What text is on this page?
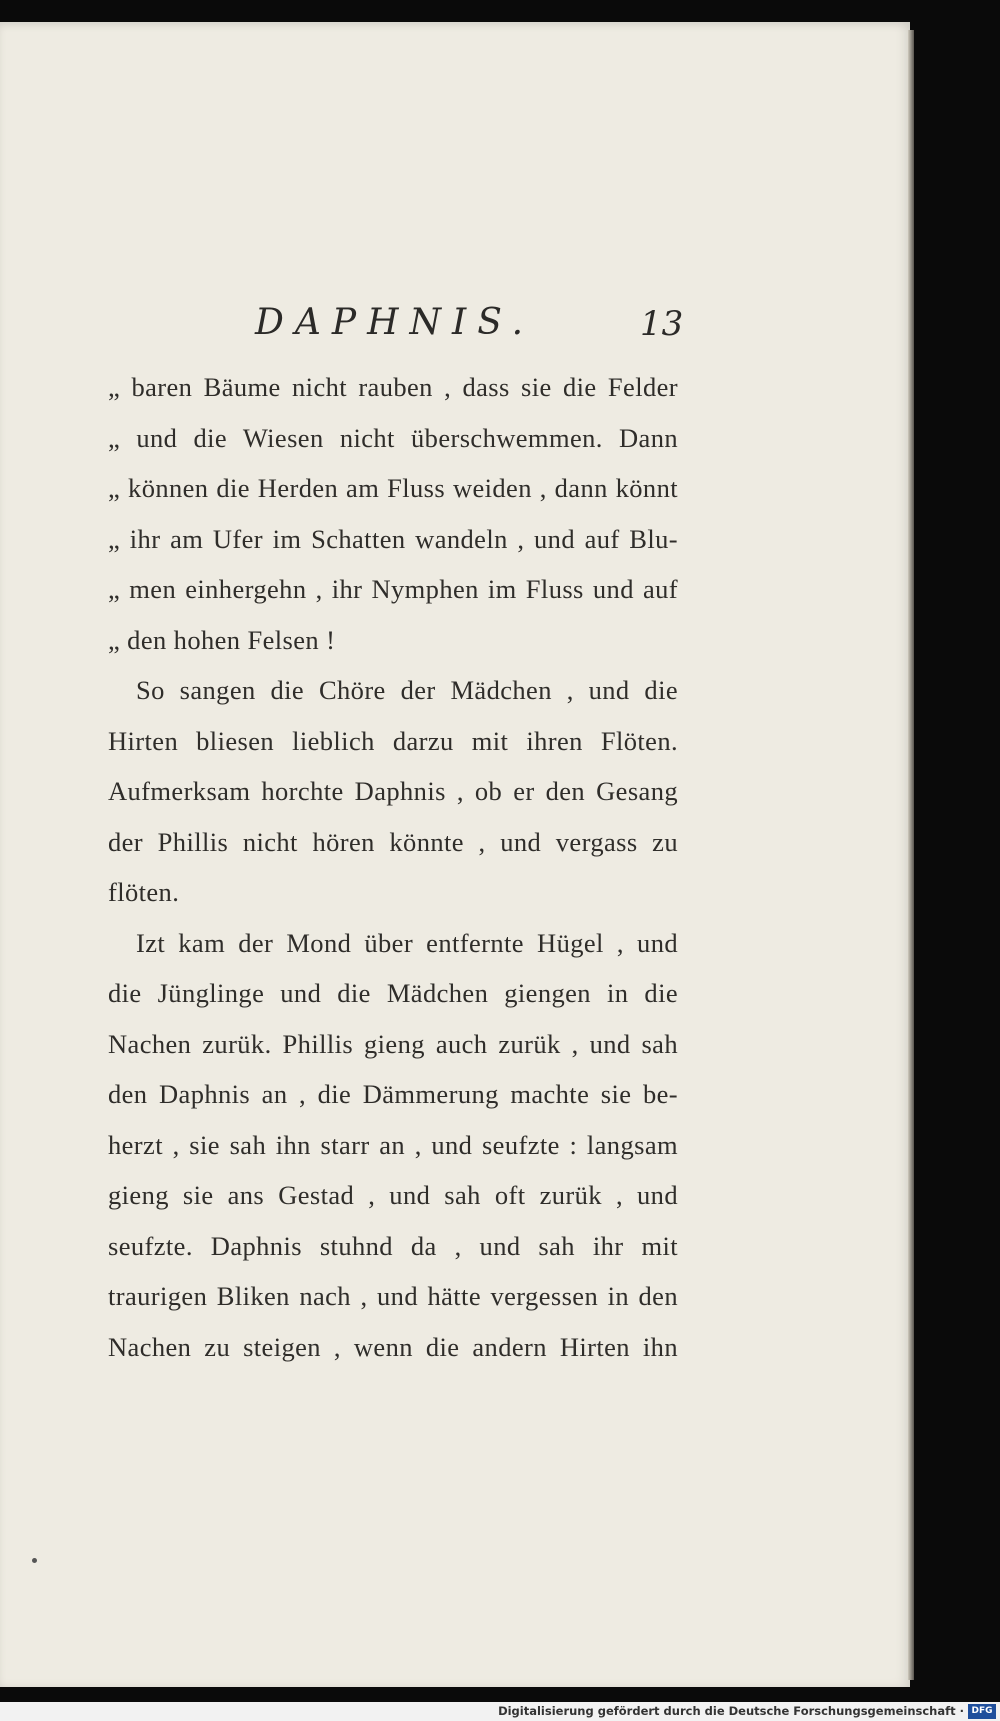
DAPHNIS.	13
„ baren Bäume nicht rauben , dass sie die Felder
„ und die Wiesen nicht überschwemmen. Dann
„ können die Herden am Fluss weiden , dann könnt
„ ihr am Ufer im Schatten wandeln , und auf Blu-
„ men einhergehn , ihr Nymphen im Fluss und auf
„ den hohen Felsen !
So sangen die Chöre der Mädchen , und die
Hirten bliesen lieblich darzu mit ihren Flöten.
Aufmerksam horchte Daphnis , ob er den Gesang
der Phillis nicht hören könnte , und vergass zu
flöten.
Izt kam der Mond über entfernte Hügel , und
die Jünglinge und die Mädchen giengen in die
Nachen zurük. Phillis gieng auch zurük , und sah
den Daphnis an , die Dämmerung machte sie be-
herzt , sie sah ihn starr an , und seufzte : langsam
gieng sie ans Gestad , und sah oft zurük , und
seufzte. Daphnis stuhnd da , und sah ihr mit
traurigen Bliken nach , und hätte vergessen in den
Nachen zu steigen , wenn die andern Hirten ihn
Digitalisierung gefördert durch die Deutsche Forschungsgemeinschaft · DFG
